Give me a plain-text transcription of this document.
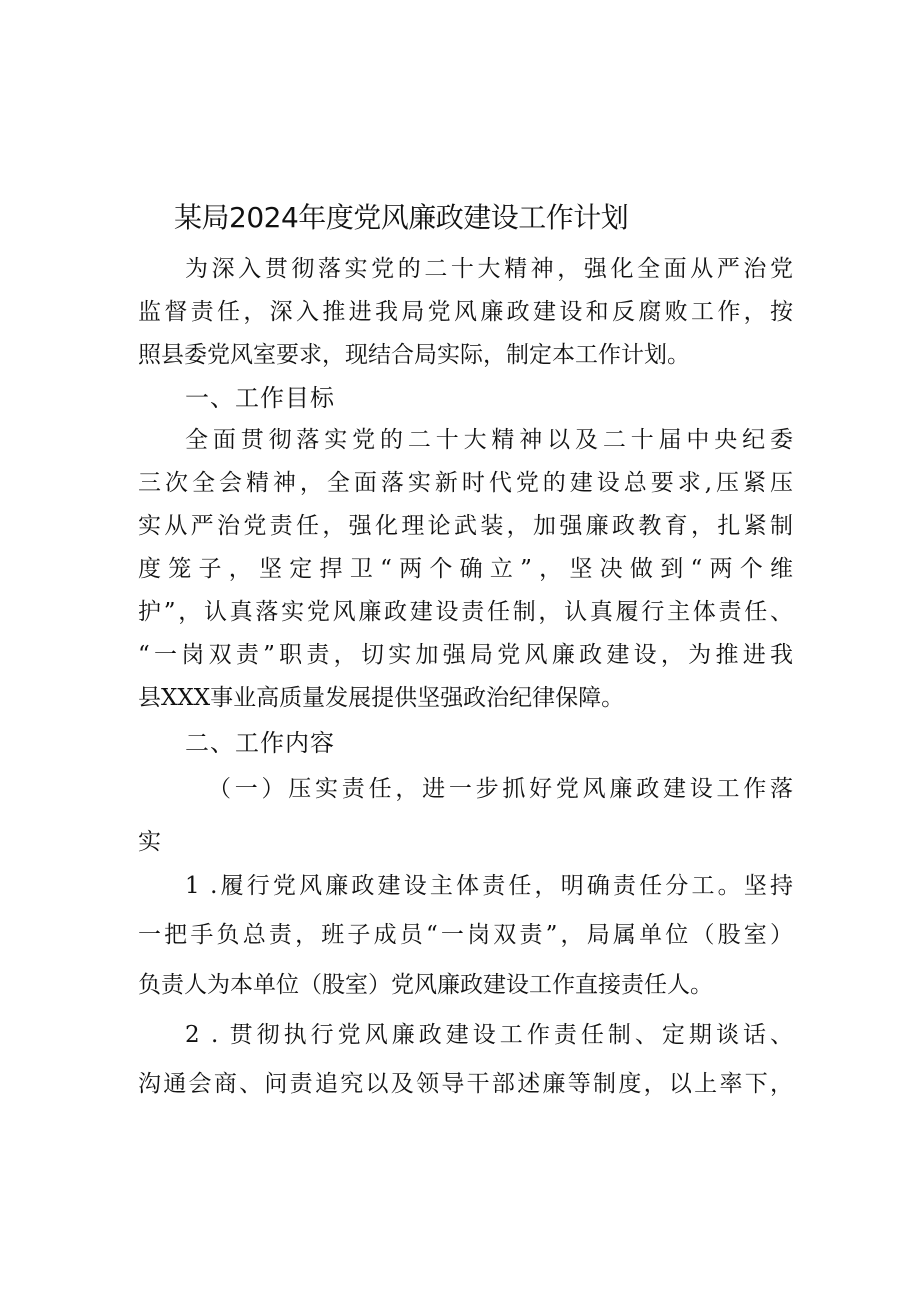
某局2024年度党风廉政建设工作计划
为深入贯彻落实党的二十大精神，强化全面从严治党
监督责任，深入推进我局党风廉政建设和反腐败工作，按
照县委党风室要求，现结合局实际，制定本工作计划。
一、工作目标
全面贯彻落实党的二十大精神以及二十届中央纪委
三次全会精神，全面落实新时代党的建设总要求,压紧压
实从严治党责任，强化理论武装，加强廉政教育，扎紧制
度笼子，坚定捍卫“两个确立”，坚决做到“两个维
护”，认真落实党风廉政建设责任制，认真履行主体责任、
“一岗双责”职责，切实加强局党风廉政建设，为推进我
县XXX事业高质量发展提供坚强政治纪律保障。
二、工作内容
（一）压实责任，进一步抓好党风廉政建设工作落
实
1 .履行党风廉政建设主体责任，明确责任分工。坚持
一把手负总责，班子成员“一岗双责”，局属单位（股室）
负责人为本单位（股室）党风廉政建设工作直接责任人。
2 . 贯彻执行党风廉政建设工作责任制、定期谈话、
沟通会商、问责追究以及领导干部述廉等制度，以上率下，
